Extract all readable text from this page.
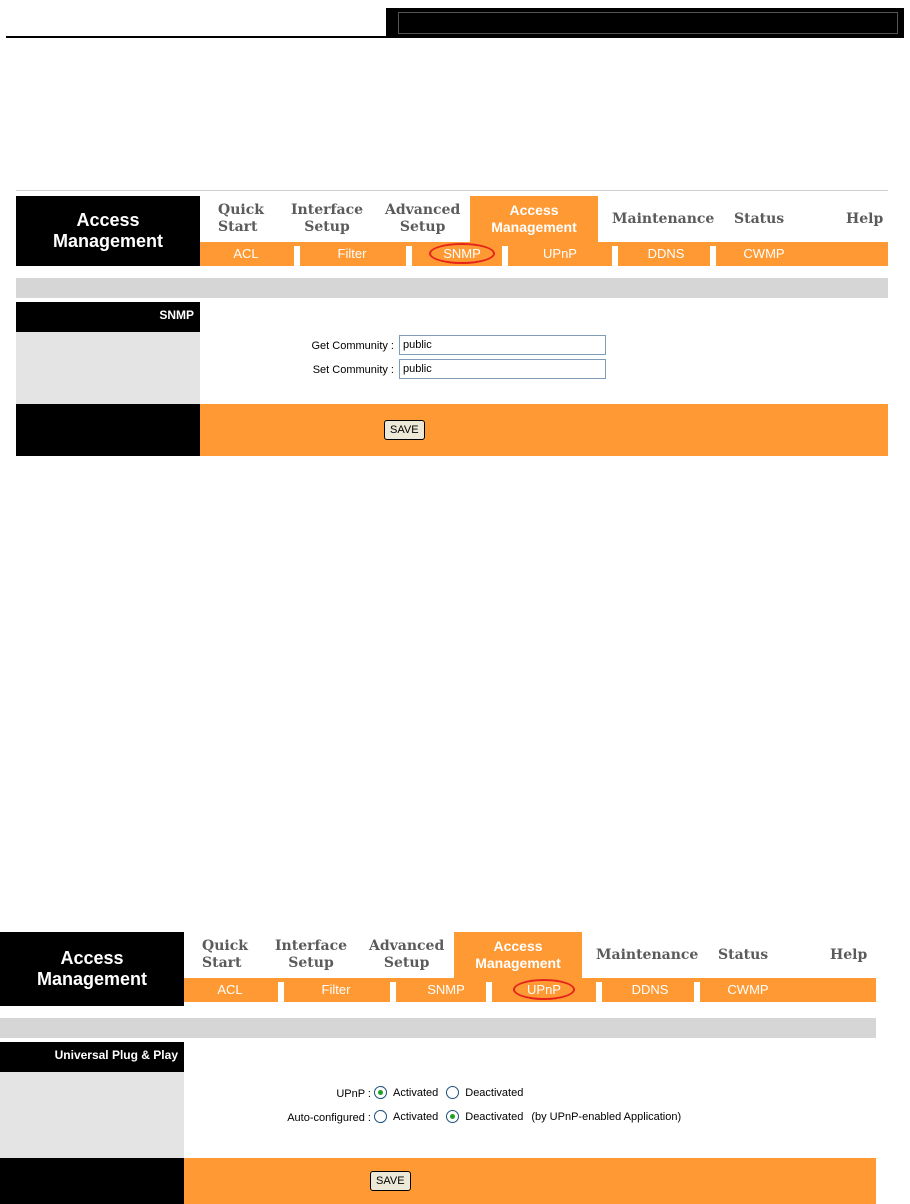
Access
Management
Quick
Start
Interface
Setup
Advanced
Setup
Access
Management
Maintenance Status	Help
ACL	Filter	SNMP	UPnP	DDNS	CWMP
SNMP
Get Community :
public
Set Community :
public
SAVE
Access
Management
Quick
Start
Interface
Setup
Advanced
Setup
Access
Management
Maintenance Status	Help
ACL	Filter	SNMP	UPnP	DDNS	CWMP
Universal Plug & Play
UPnP : Activated Deactivated
Auto-configured : Activated Deactivated (by UPnP-enabled Application)
SAVE
